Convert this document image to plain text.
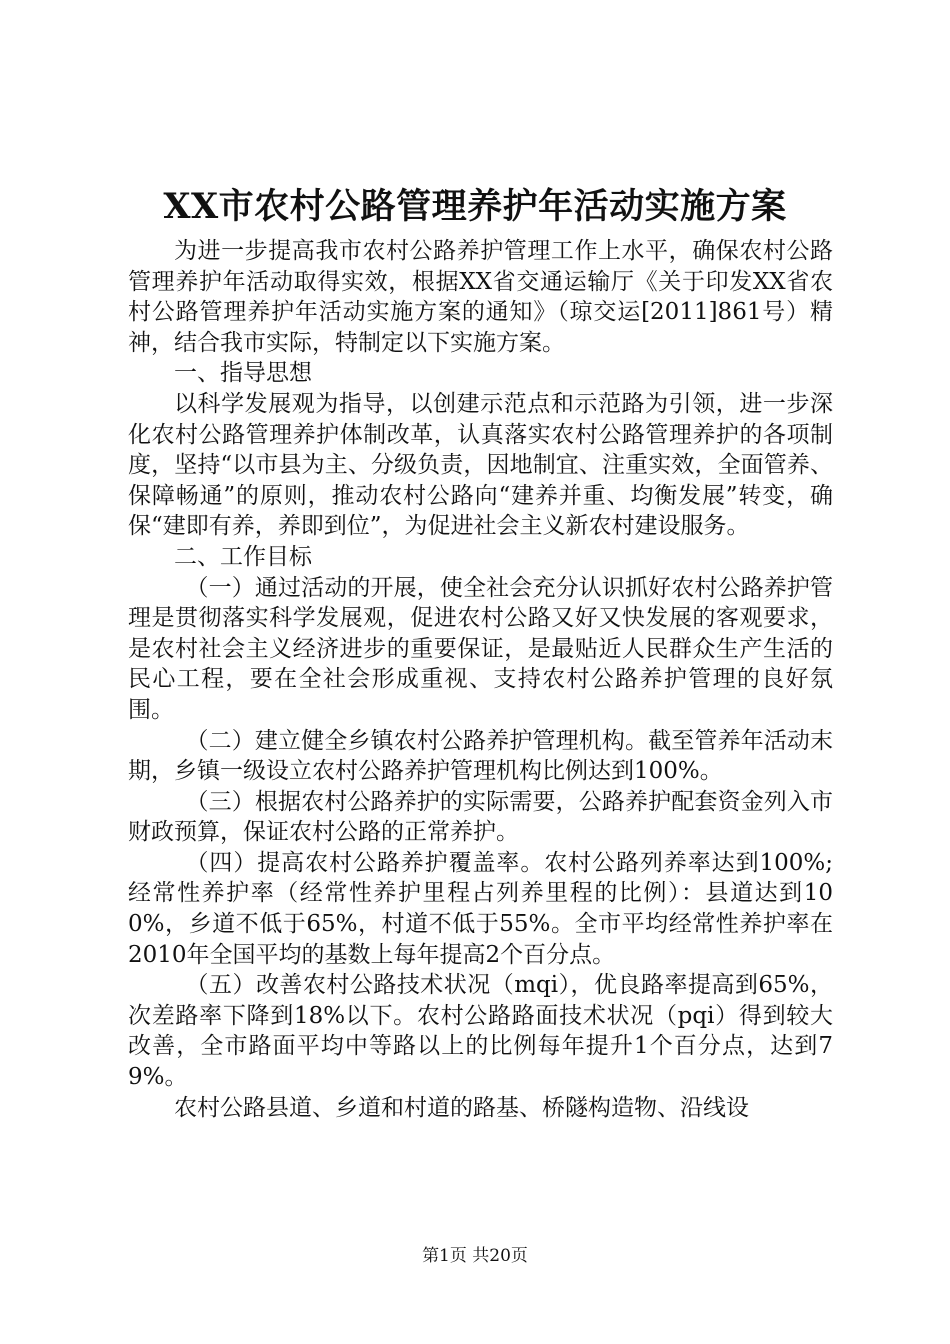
XX市农村公路管理养护年活动实施方案

为进一步提高我市农村公路养护管理工作上水平，确保农村公路管理养护年活动取得实效，根据XX省交通运输厅《关于印发XX省农村公路管理养护年活动实施方案的通知》（琼交运[2011]861号）精神，结合我市实际，特制定以下实施方案。

一、指导思想

以科学发展观为指导，以创建示范点和示范路为引领，进一步深化农村公路管理养护体制改革，认真落实农村公路管理养护的各项制度，坚持“以市县为主、分级负责，因地制宜、注重实效，全面管养、保障畅通”的原则，推动农村公路向“建养并重、均衡发展”转变，确保“建即有养，养即到位”，为促进社会主义新农村建设服务。

二、工作目标

（一）通过活动的开展，使全社会充分认识抓好农村公路养护管理是贯彻落实科学发展观，促进农村公路又好又快发展的客观要求，是农村社会主义经济进步的重要保证，是最贴近人民群众生产生活的民心工程，要在全社会形成重视、支持农村公路养护管理的良好氛围。

（二）建立健全乡镇农村公路养护管理机构。截至管养年活动末期，乡镇一级设立农村公路养护管理机构比例达到100%。

（三）根据农村公路养护的实际需要，公路养护配套资金列入市财政预算，保证农村公路的正常养护。

（四）提高农村公路养护覆盖率。农村公路列养率达到100%;经常性养护率（经常性养护里程占列养里程的比例）：县道达到100%，乡道不低于65%，村道不低于55%。全市平均经常性养护率在2010年全国平均的基数上每年提高2个百分点。

（五）改善农村公路技术状况（mqi），优良路率提高到65%，次差路率下降到18%以下。农村公路路面技术状况（pqi）得到较大改善，全市路面平均中等路以上的比例每年提升1个百分点，达到79%。

农村公路县道、乡道和村道的路基、桥隧构造物、沿线设

第1页 共20页
